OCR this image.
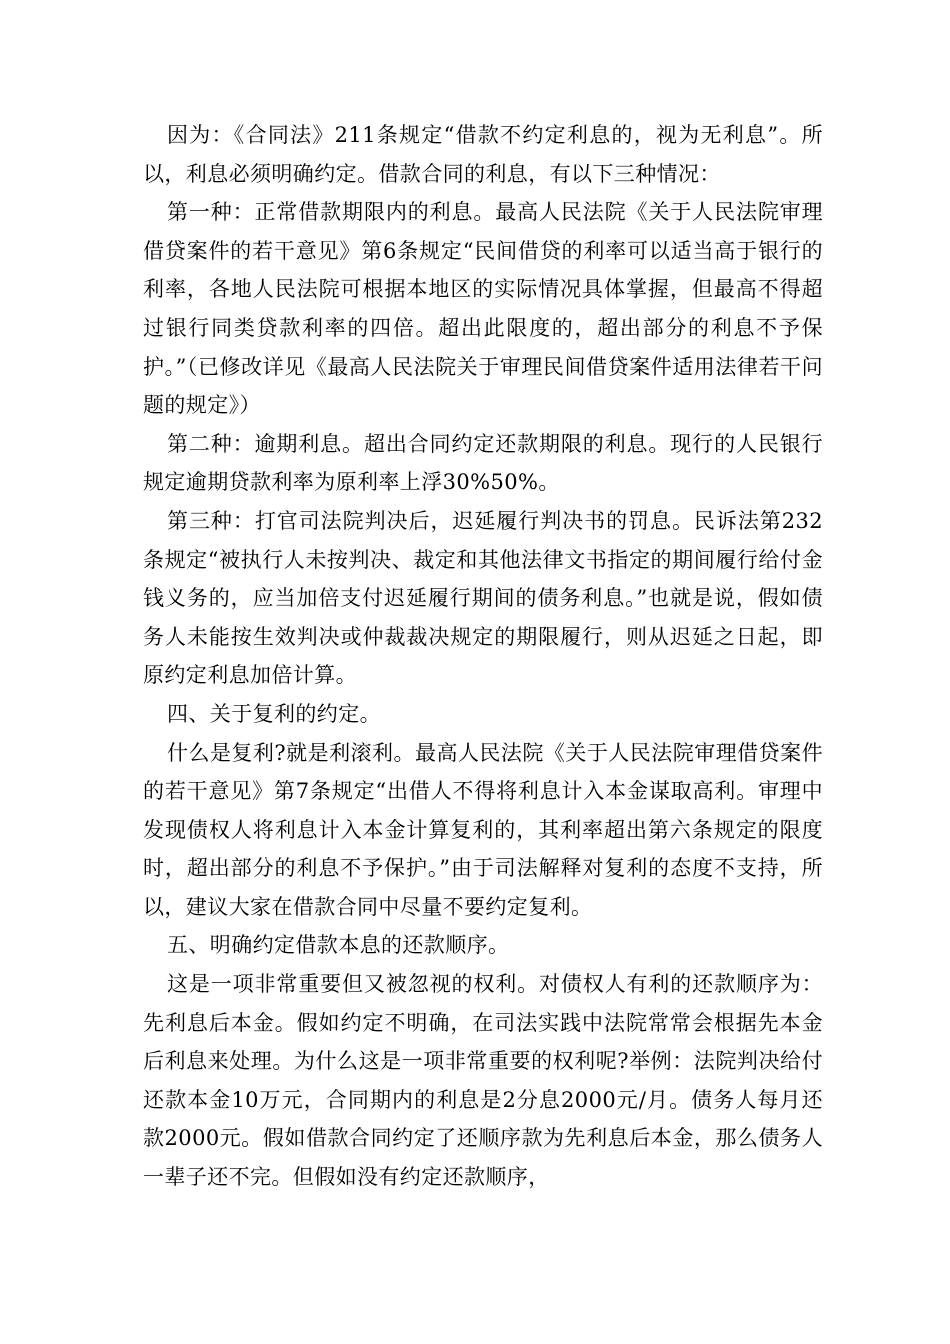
因为：《合同法》211条规定“借款不约定利息的，视为无利息”。所以，利息必须明确约定。借款合同的利息，有以下三种情况：

第一种：正常借款期限内的利息。最高人民法院《关于人民法院审理借贷案件的若干意见》第6条规定“民间借贷的利率可以适当高于银行的利率，各地人民法院可根据本地区的实际情况具体掌握，但最高不得超过银行同类贷款利率的四倍。超出此限度的，超出部分的利息不予保护。”（已修改详见《最高人民法院关于审理民间借贷案件适用法律若干问题的规定》）

第二种：逾期利息。超出合同约定还款期限的利息。现行的人民银行规定逾期贷款利率为原利率上浮30%50%。

第三种：打官司法院判决后，迟延履行判决书的罚息。民诉法第232条规定“被执行人未按判决、裁定和其他法律文书指定的期间履行给付金钱义务的，应当加倍支付迟延履行期间的债务利息。”也就是说，假如债务人未能按生效判决或仲裁裁决规定的期限履行，则从迟延之日起，即原约定利息加倍计算。

四、关于复利的约定。

什么是复利?就是利滚利。最高人民法院《关于人民法院审理借贷案件的若干意见》第7条规定“出借人不得将利息计入本金谋取高利。审理中发现债权人将利息计入本金计算复利的，其利率超出第六条规定的限度时，超出部分的利息不予保护。”由于司法解释对复利的态度不支持，所以，建议大家在借款合同中尽量不要约定复利。

五、明确约定借款本息的还款顺序。

这是一项非常重要但又被忽视的权利。对债权人有利的还款顺序为：先利息后本金。假如约定不明确，在司法实践中法院常常会根据先本金后利息来处理。为什么这是一项非常重要的权利呢?举例：法院判决给付还款本金10万元，合同期内的利息是2分息2000元/月。债务人每月还款2000元。假如借款合同约定了还顺序款为先利息后本金，那么债务人一辈子还不完。但假如没有约定还款顺序，
